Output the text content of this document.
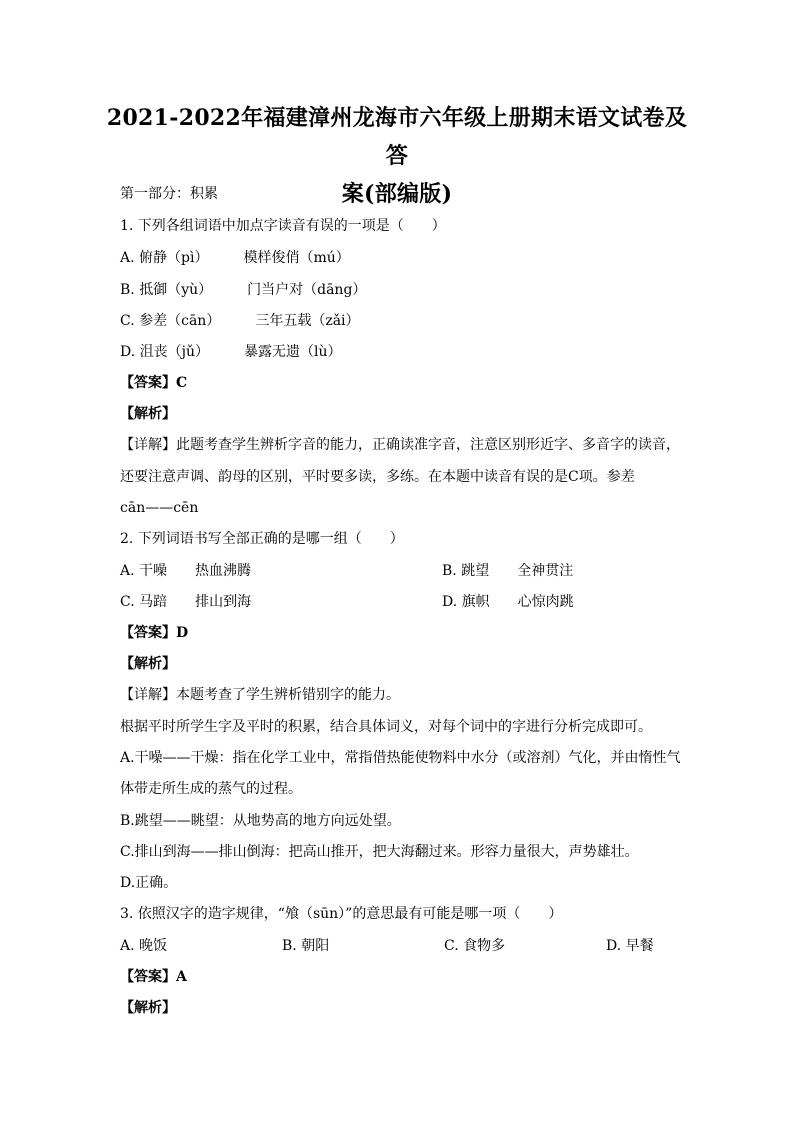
2021-2022年福建漳州龙海市六年级上册期末语文试卷及答
案(部编版)
第一部分：积累
1. 下列各组词语中加点字读音有误的一项是（　　）
A. 俯静（pì）　　　模样俊俏（mú）
B. 抵御（yù）　　　门当户对（dāng）
C. 参差（cān）　　　三年五载（zǎi）
D. 沮丧（jǔ）　　　暴露无遗（lù）
【答案】C
【解析】
【详解】此题考查学生辨析字音的能力，正确读准字音，注意区别形近字、多音字的读音，
还要注意声调、韵母的区别，平时要多读，多练。在本题中读音有误的是C项。参差
cān——cēn
2. 下列词语书写全部正确的是哪一组（　　）
A. 干噪　　热血沸腾	B. 跳望　　全神贯注
C. 马踣　　排山到海	D. 旗帜　　心惊肉跳
【答案】D
【解析】
【详解】本题考查了学生辨析错别字的能力。
根据平时所学生字及平时的积累，结合具体词义，对每个词中的字进行分析完成即可。
A.干噪——干燥：指在化学工业中，常指借热能使物料中水分（或溶剂）气化，并由惰性气
体带走所生成的蒸气的过程。
B.跳望——眺望：从地势高的地方向远处望。
C.排山到海——排山倒海：把高山推开，把大海翻过来。形容力量很大，声势雄壮。
D.正确。
3. 依照汉字的造字规律，“飧（sūn）”的意思最有可能是哪一项（　　）
A. 晚饭	B. 朝阳	C. 食物多	D. 早餐
【答案】A
【解析】
